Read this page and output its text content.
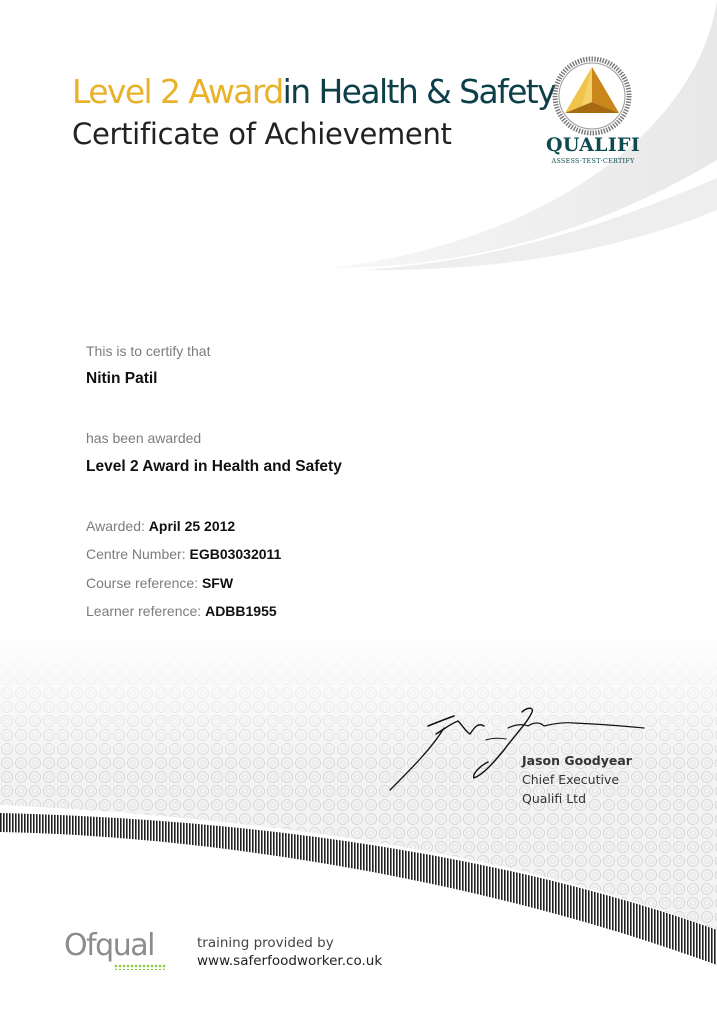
Level 2 Awardin Health & Safety
Certificate of Achievement	QUALIFI
ASSESS·TEST·CERTIFY
This is to certify that
Nitin Patil
has been awarded
Level 2 Award in Health and Safety
Awarded: April 25 2012
Centre Number: EGB03032011
Course reference: SFW
Learner reference: ADBB1955
Jason Goodyear
Chief Executive
Qualifi Ltd
Ofqual	training provided by
www.saferfoodworker.co.uk
